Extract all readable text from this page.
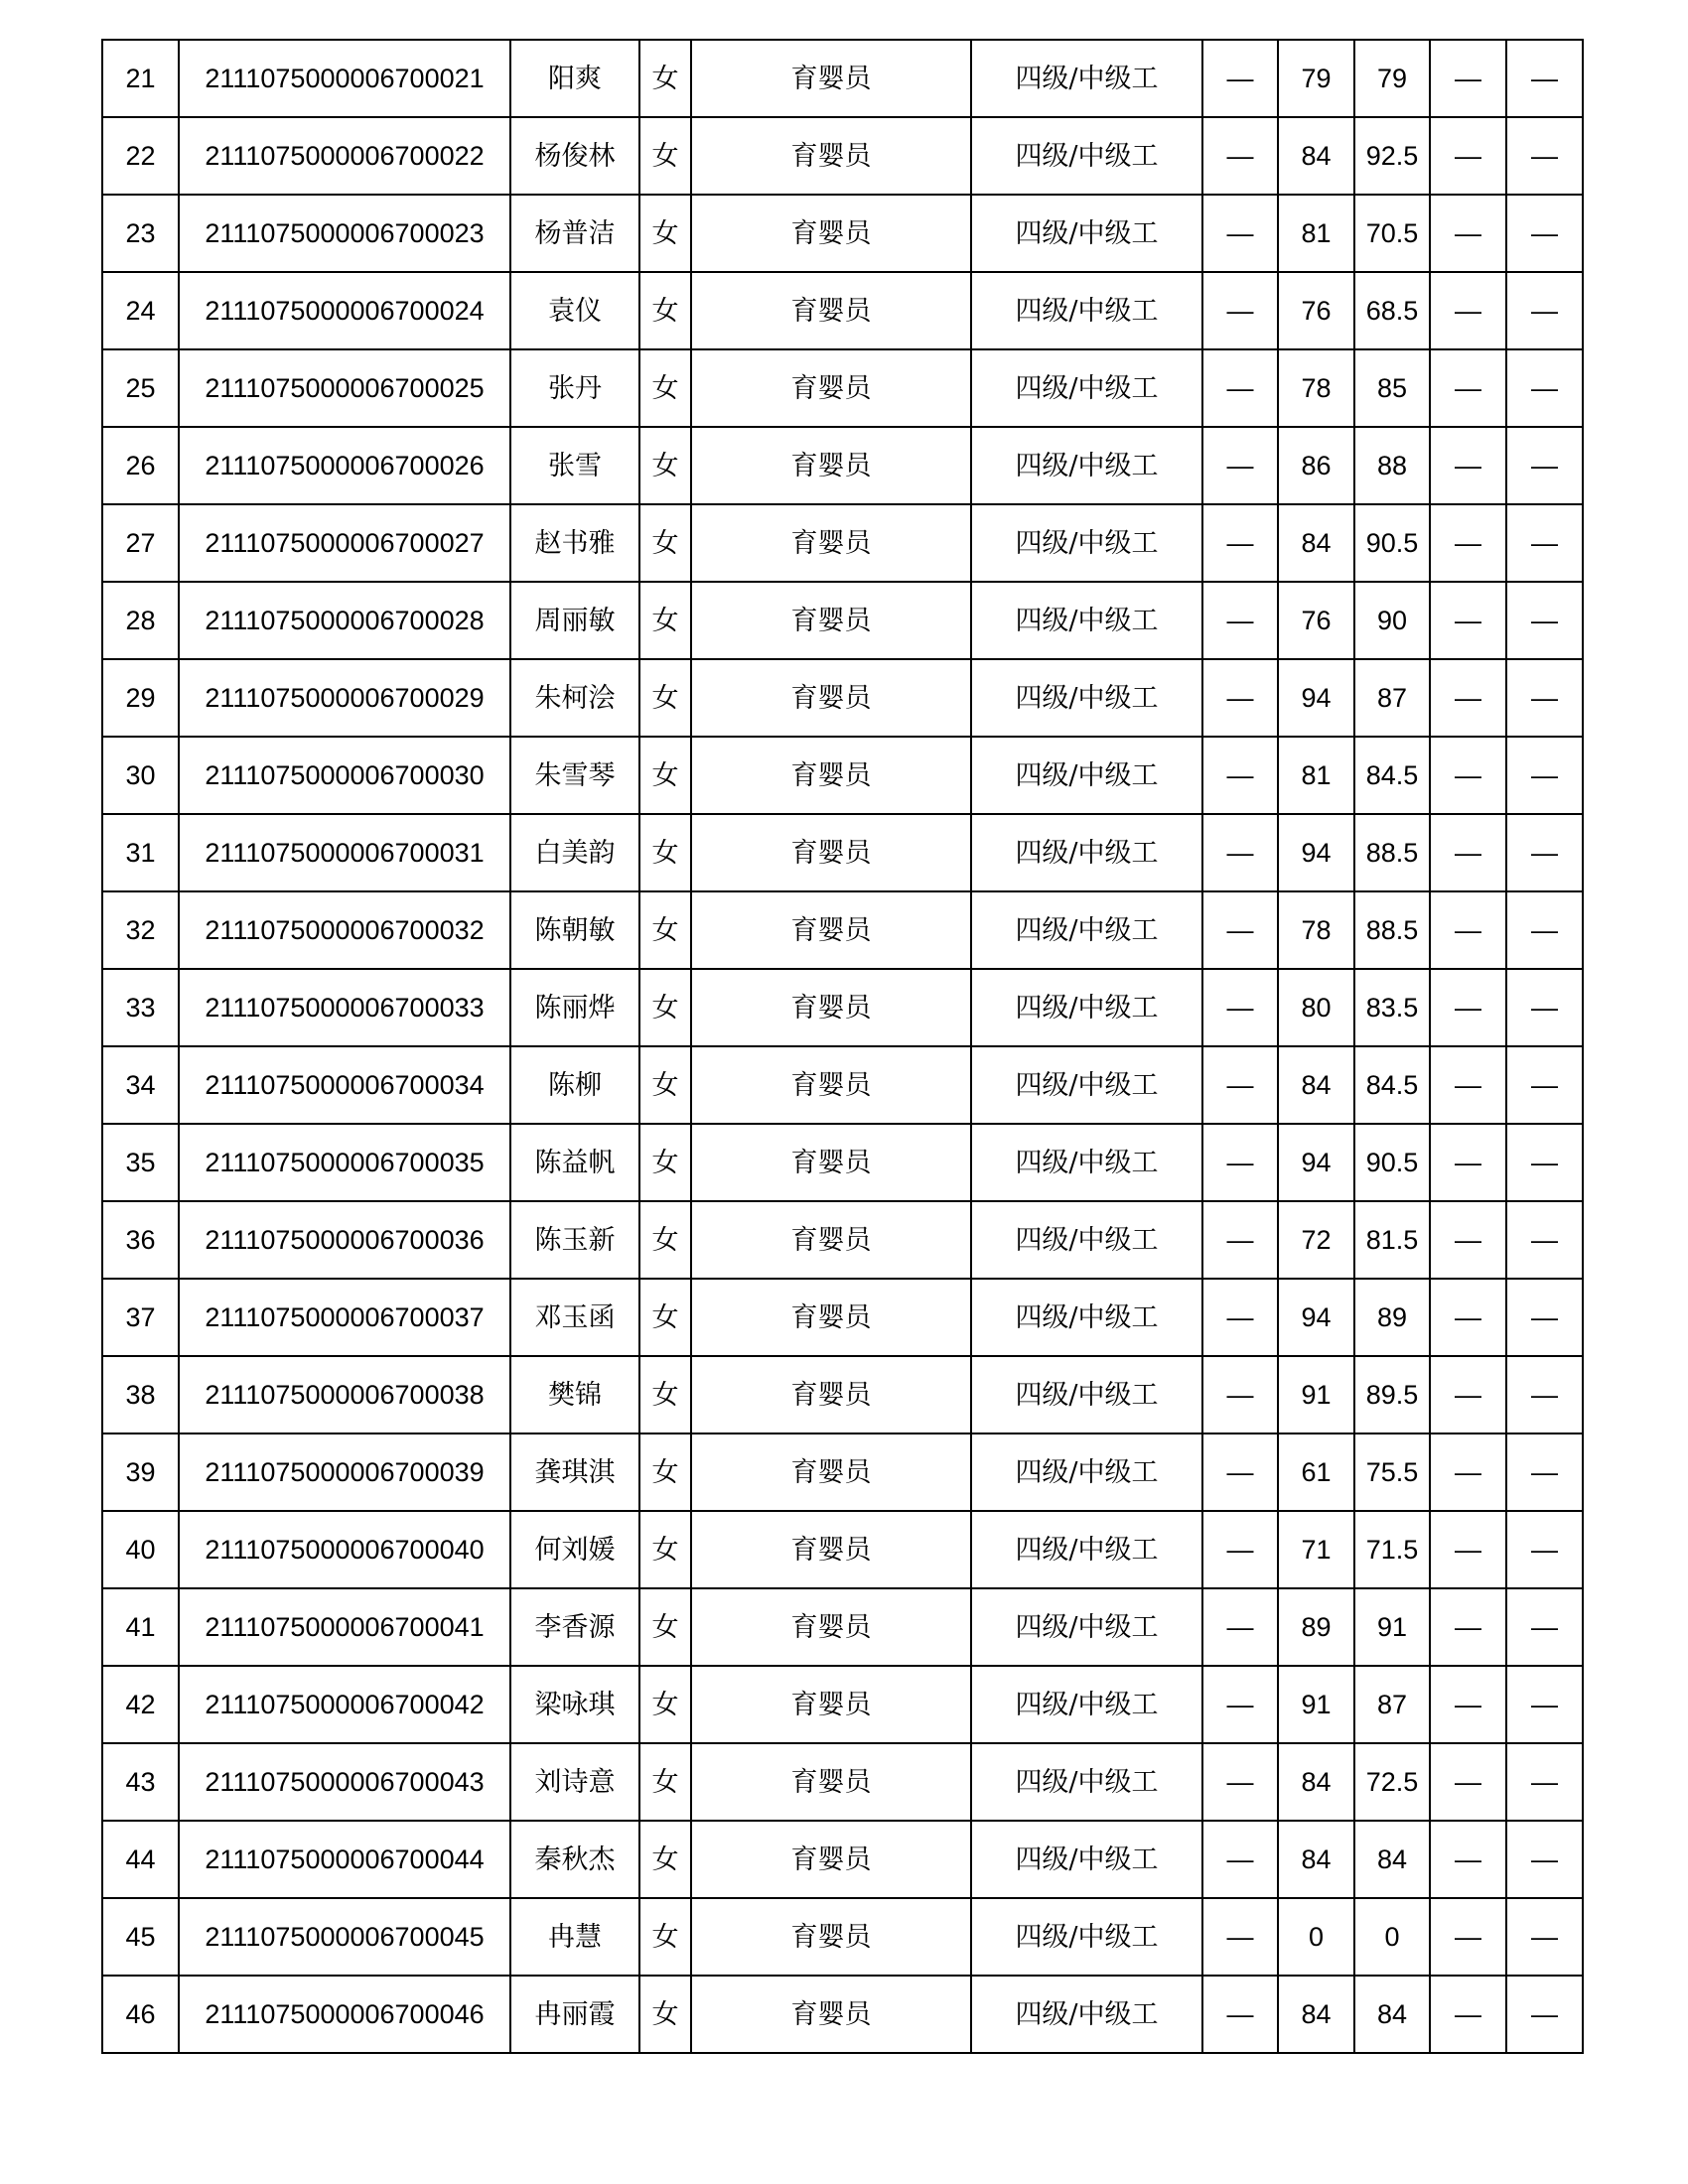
21	2111075000006700021	阳爽	女	育婴员	四级/中级工	—	79	79	—	—
22	2111075000006700022	杨俊林	女	育婴员	四级/中级工	—	84	92.5	—	—
23	2111075000006700023	杨普洁	女	育婴员	四级/中级工	—	81	70.5	—	—
24	2111075000006700024	袁仪	女	育婴员	四级/中级工	—	76	68.5	—	—
25	2111075000006700025	张丹	女	育婴员	四级/中级工	—	78	85	—	—
26	2111075000006700026	张雪	女	育婴员	四级/中级工	—	86	88	—	—
27	2111075000006700027	赵书雅	女	育婴员	四级/中级工	—	84	90.5	—	—
28	2111075000006700028	周丽敏	女	育婴员	四级/中级工	—	76	90	—	—
29	2111075000006700029	朱柯浍	女	育婴员	四级/中级工	—	94	87	—	—
30	2111075000006700030	朱雪琴	女	育婴员	四级/中级工	—	81	84.5	—	—
31	2111075000006700031	白美韵	女	育婴员	四级/中级工	—	94	88.5	—	—
32	2111075000006700032	陈朝敏	女	育婴员	四级/中级工	—	78	88.5	—	—
33	2111075000006700033	陈丽烨	女	育婴员	四级/中级工	—	80	83.5	—	—
34	2111075000006700034	陈柳	女	育婴员	四级/中级工	—	84	84.5	—	—
35	2111075000006700035	陈益帆	女	育婴员	四级/中级工	—	94	90.5	—	—
36	2111075000006700036	陈玉新	女	育婴员	四级/中级工	—	72	81.5	—	—
37	2111075000006700037	邓玉函	女	育婴员	四级/中级工	—	94	89	—	—
38	2111075000006700038	樊锦	女	育婴员	四级/中级工	—	91	89.5	—	—
39	2111075000006700039	龚琪淇	女	育婴员	四级/中级工	—	61	75.5	—	—
40	2111075000006700040	何刘媛	女	育婴员	四级/中级工	—	71	71.5	—	—
41	2111075000006700041	李香源	女	育婴员	四级/中级工	—	89	91	—	—
42	2111075000006700042	梁咏琪	女	育婴员	四级/中级工	—	91	87	—	—
43	2111075000006700043	刘诗意	女	育婴员	四级/中级工	—	84	72.5	—	—
44	2111075000006700044	秦秋杰	女	育婴员	四级/中级工	—	84	84	—	—
45	2111075000006700045	冉慧	女	育婴员	四级/中级工	—	0	0	—	—
46	2111075000006700046	冉丽霞	女	育婴员	四级/中级工	—	84	84	—	—
